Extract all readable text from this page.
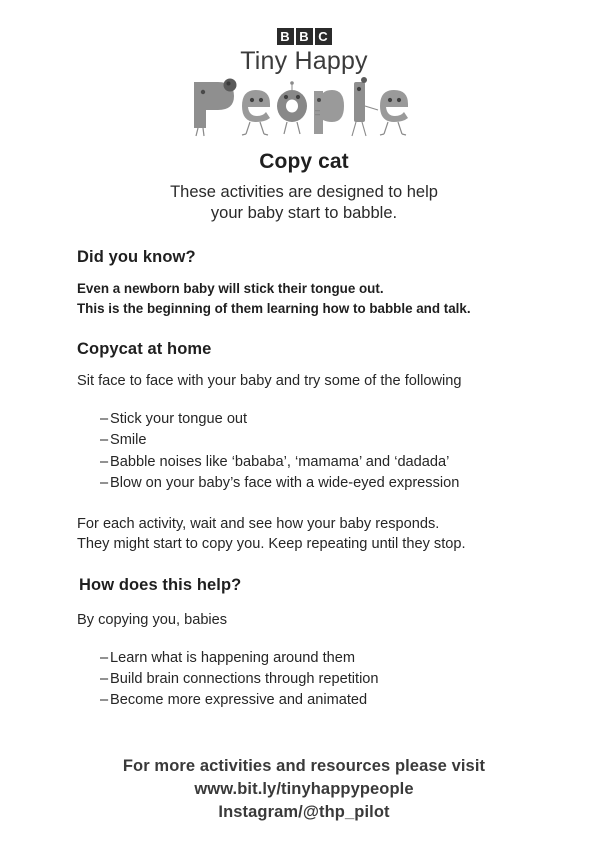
B B C
Tiny Happy
Copy cat
These activities are designed to help
your baby start to babble.
Did you know?
Even a newborn baby will stick their tongue out.
This is the beginning of them learning how to babble and talk.
Copycat at home
Sit face to face with your baby and try some of the following
– Stick your tongue out
– Smile
– Babble noises like ‘bababa’, ‘mamama’ and ‘dadada’
– Blow on your baby’s face with a wide-eyed expression
For each activity, wait and see how your baby responds.
They might start to copy you. Keep repeating until they stop.
How does this help?
By copying you, babies
– Learn what is happening around them
– Build brain connections through repetition
– Become more expressive and animated
For more activities and resources please visit
www.bit.ly/tinyhappypeople
Instagram/@thp_pilot
